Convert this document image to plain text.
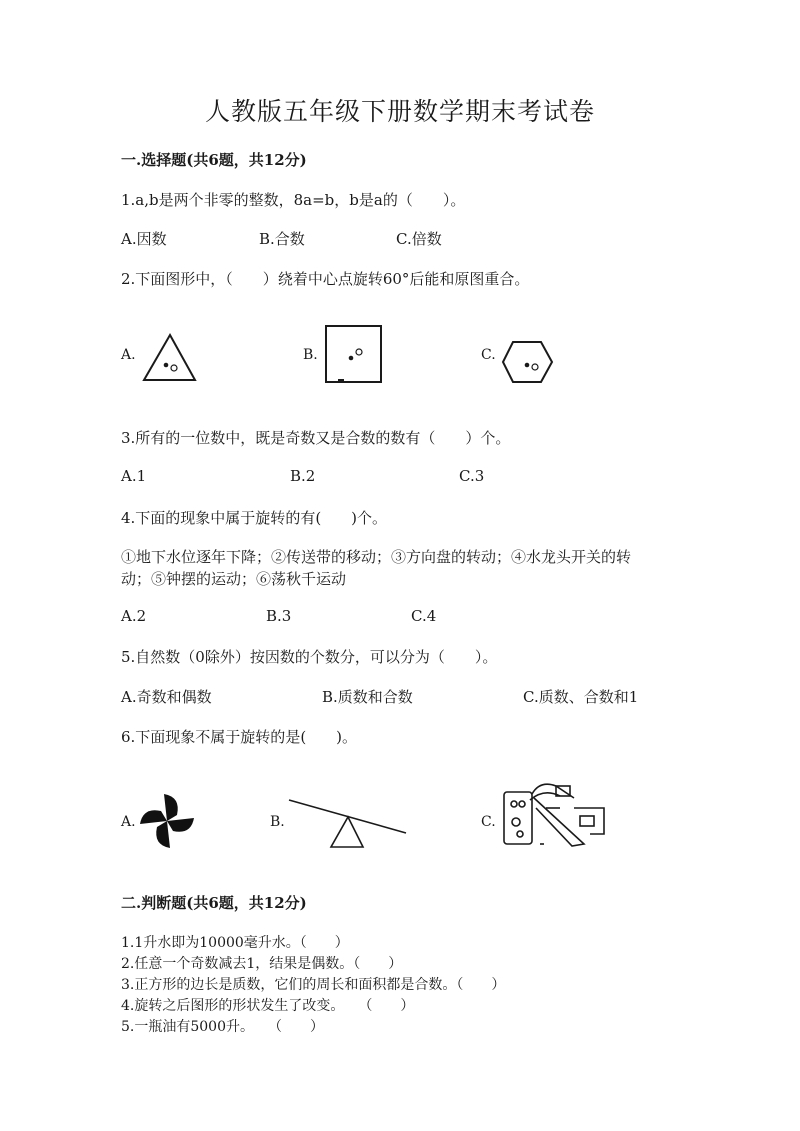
人教版五年级下册数学期末考试卷
一.选择题(共6题，共12分)
1.a,b是两个非零的整数，8a=b，b是a的（　　）。
A.因数	B.合数	C.倍数
2.下面图形中，（　　）绕着中心点旋转60°后能和原图重合。
A.	B.	C.
3.所有的一位数中，既是奇数又是合数的数有（　　）个。
A.1	B.2	C.3
4.下面的现象中属于旋转的有(　　)个。
①地下水位逐年下降；②传送带的移动；③方向盘的转动；④水龙头开关的转
动；⑤钟摆的运动；⑥荡秋千运动
A.2	B.3	C.4
5.自然数（0除外）按因数的个数分，可以分为（　　）。
A.奇数和偶数	B.质数和合数	C.质数、合数和1
6.下面现象不属于旋转的是(　　)。
A.	B.	C.
二.判断题(共6题，共12分)
1.1升水即为10000毫升水。（　　）
2.任意一个奇数减去1，结果是偶数。（　　）
3.正方形的边长是质数，它们的周长和面积都是合数。（　　）
4.旋转之后图形的形状发生了改变。　　（　　）
5.一瓶油有5000升。　　（　　）
